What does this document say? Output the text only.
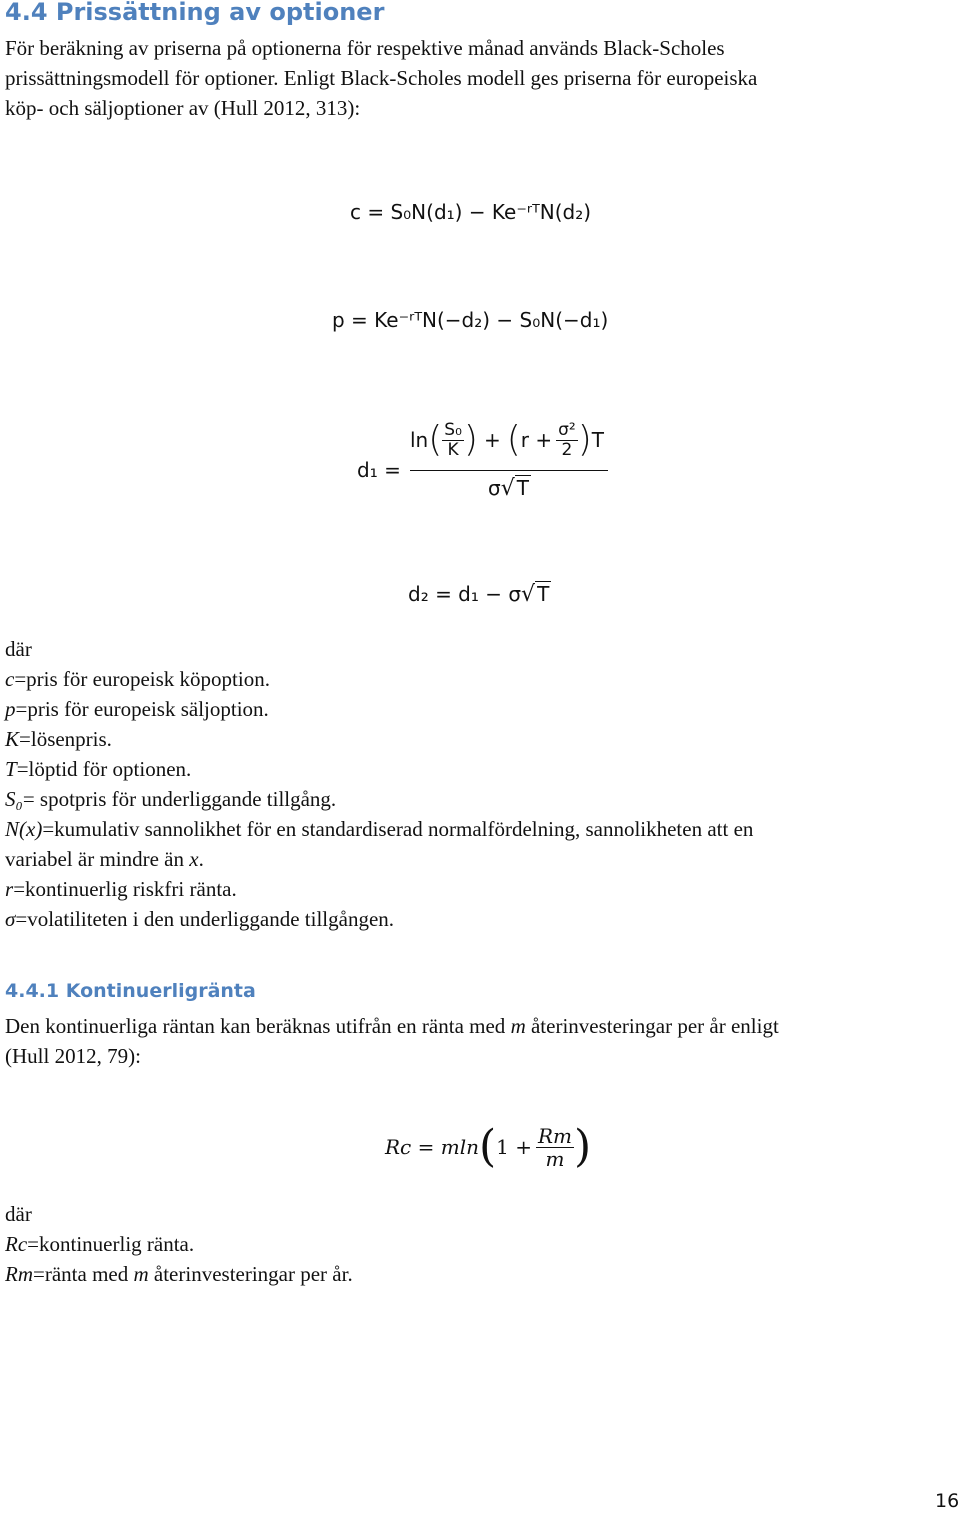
4.4 Prissättning av optioner
För beräkning av priserna på optionerna för respektive månad används Black-Scholes
prissättningsmodell för optioner. Enligt Black-Scholes modell ges priserna för europeiska
köp- och säljoptioner av (Hull 2012, 313):
c = S₀N(d₁) − Ke⁻ʳᵀN(d₂)
p = Ke⁻ʳᵀN(−d₂) − S₀N(−d₁)
d₁ =
ln ( $\frac{\text{S₀}}{K}$ ) + ( $r + \frac{\text{σ²}}{2}$ ) T
σ√ T
d₂ = d₁ − σ√ T
där
c=pris för europeisk köpoption.
p=pris för europeisk säljoption.
K=lösenpris.
T=löptid för optionen.
S₀= spotpris för underliggande tillgång.
N(x)=kumulativ sannolikhet för en standardiserad normalfördelning, sannolikheten att en
variabel är mindre än x.
r=kontinuerlig riskfri ränta.
σ=volatiliteten i den underliggande tillgången.
4.4.1 Kontinuerligränta
Den kontinuerliga räntan kan beräknas utifrån en ränta med m återinvesteringar per år enligt
(Hull 2012, 79):
Rc = mln ( $1 + \frac{Rm}{m}$ )
där
Rc=kontinuerlig ränta.
Rm=ränta med m återinvesteringar per år.
16
